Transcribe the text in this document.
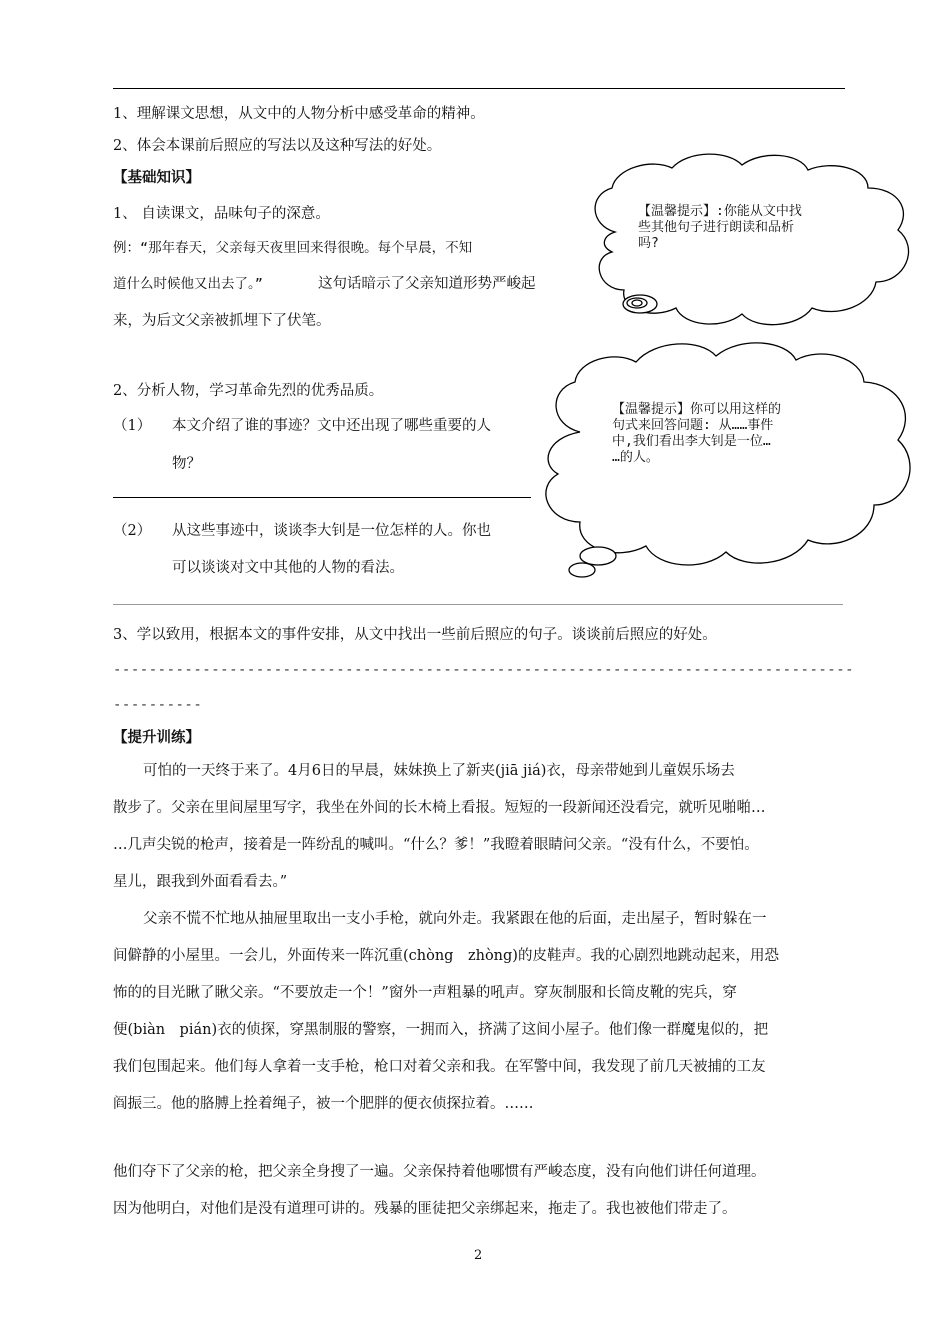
1、理解课文思想，从文中的人物分析中感受革命的精神。
2、体会本课前后照应的写法以及这种写法的好处。
【基础知识】
1、 自读课文，品味句子的深意。
例：“那年春天，父亲每天夜里回来得很晚。每个早晨，不知
道什么时候他又出去了。”	这句话暗示了父亲知道形势严峻起
来，为后文父亲被抓埋下了伏笔。
2、分析人物，学习革命先烈的优秀品质。
（1） 本文介绍了谁的事迹？文中还出现了哪些重要的人
物？
（2） 从这些事迹中，谈谈李大钊是一位怎样的人。你也
可以谈谈对文中其他的人物的看法。
3、学以致用，根据本文的事件安排，从文中找出一些前后照应的句子。谈谈前后照应的好处。
-----------------------------------------------------------------------------------
----------
【温馨提示】:你能从文中找
些其他句子进行朗读和品析
吗?
【温馨提示】你可以用这样的
句式来回答问题: 从……事件
中,我们看出李大钊是一位…
…的人。
【提升训练】
可怕的一天终于来了。4月6日的早晨，妹妹换上了新夹(jiā jiá)衣，母亲带她到儿童娱乐场去
散步了。父亲在里间屋里写字，我坐在外间的长木椅上看报。短短的一段新闻还没看完，就听见啪啪…
…几声尖锐的枪声，接着是一阵纷乱的喊叫。“什么？爹！”我瞪着眼睛问父亲。“没有什么，不要怕。
星儿，跟我到外面看看去。”
父亲不慌不忙地从抽屉里取出一支小手枪，就向外走。我紧跟在他的后面，走出屋子，暂时躲在一
间僻静的小屋里。一会儿，外面传来一阵沉重(chòng　zhòng)的皮鞋声。我的心剧烈地跳动起来，用恐
怖的的目光瞅了瞅父亲。“不要放走一个！”窗外一声粗暴的吼声。穿灰制服和长筒皮靴的宪兵，穿
便(biàn　pián)衣的侦探，穿黑制服的警察，一拥而入，挤满了这间小屋子。他们像一群魔鬼似的，把
我们包围起来。他们每人拿着一支手枪，枪口对着父亲和我。在军警中间，我发现了前几天被捕的工友
阎振三。他的胳膊上拴着绳子，被一个肥胖的便衣侦探拉着。……
他们夺下了父亲的枪，把父亲全身搜了一遍。父亲保持着他哪惯有严峻态度，没有向他们讲任何道理。
因为他明白，对他们是没有道理可讲的。残暴的匪徒把父亲绑起来，拖走了。我也被他们带走了。
2
